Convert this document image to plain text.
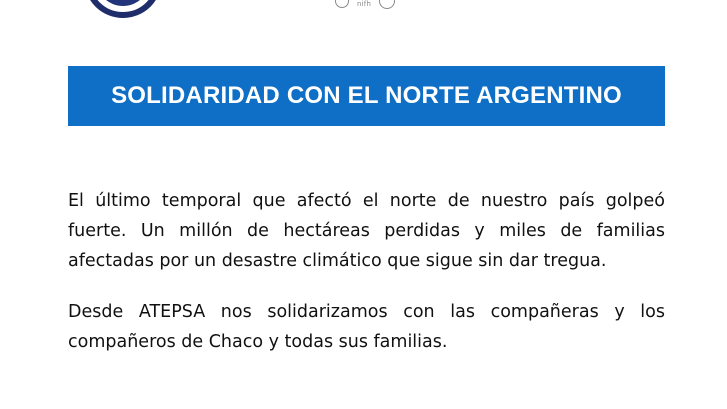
nifh
SOLIDARIDAD CON EL NORTE ARGENTINO

El último temporal que afectó el norte de nuestro país golpeó fuerte. Un millón de hectáreas perdidas y miles de familias afectadas por un desastre climático que sigue sin dar tregua.

Desde ATEPSA nos solidarizamos con las compañeras y los compañeros de Chaco y todas sus familias.
